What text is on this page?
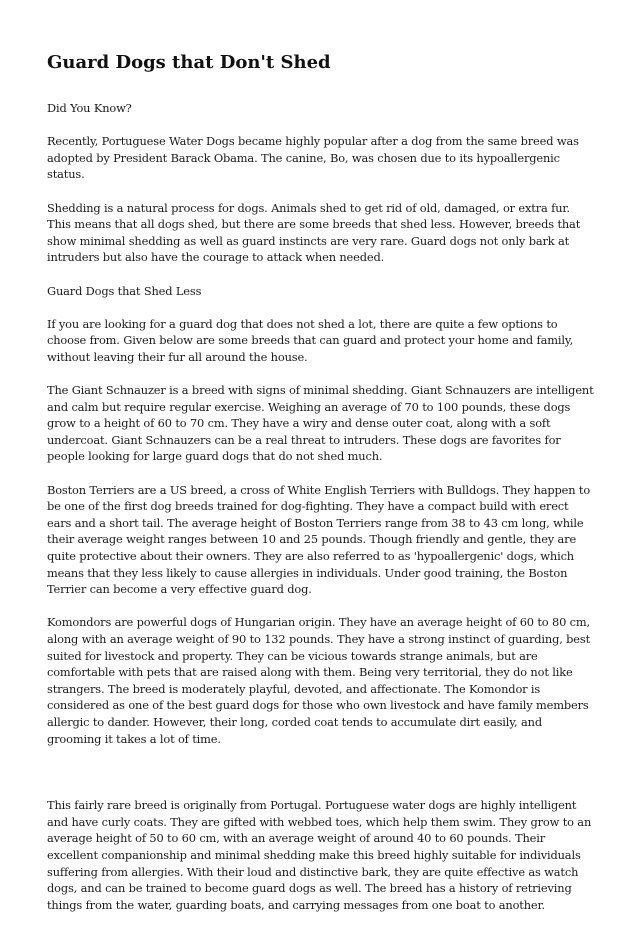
Guard Dogs that Don't Shed

Did You Know?

Recently, Portuguese Water Dogs became highly popular after a dog from the same breed was adopted by President Barack Obama. The canine, Bo, was chosen due to its hypoallergenic status.

Shedding is a natural process for dogs. Animals shed to get rid of old, damaged, or extra fur. This means that all dogs shed, but there are some breeds that shed less. However, breeds that show minimal shedding as well as guard instincts are very rare. Guard dogs not only bark at intruders but also have the courage to attack when needed.

Guard Dogs that Shed Less

If you are looking for a guard dog that does not shed a lot, there are quite a few options to choose from. Given below are some breeds that can guard and protect your home and family, without leaving their fur all around the house.

The Giant Schnauzer is a breed with signs of minimal shedding. Giant Schnauzers are intelligent and calm but require regular exercise. Weighing an average of 70 to 100 pounds, these dogs grow to a height of 60 to 70 cm. They have a wiry and dense outer coat, along with a soft undercoat. Giant Schnauzers can be a real threat to intruders. These dogs are favorites for people looking for large guard dogs that do not shed much.

Boston Terriers are a US breed, a cross of White English Terriers with Bulldogs. They happen to be one of the first dog breeds trained for dog-fighting. They have a compact build with erect ears and a short tail. The average height of Boston Terriers range from 38 to 43 cm long, while their average weight ranges between 10 and 25 pounds. Though friendly and gentle, they are quite protective about their owners. They are also referred to as 'hypoallergenic' dogs, which means that they less likely to cause allergies in individuals. Under good training, the Boston Terrier can become a very effective guard dog.

Komondors are powerful dogs of Hungarian origin. They have an average height of 60 to 80 cm, along with an average weight of 90 to 132 pounds. They have a strong instinct of guarding, best suited for livestock and property. They can be vicious towards strange animals, but are comfortable with pets that are raised along with them. Being very territorial, they do not like strangers. The breed is moderately playful, devoted, and affectionate. The Komondor is considered as one of the best guard dogs for those who own livestock and have family members allergic to dander. However, their long, corded coat tends to accumulate dirt easily, and grooming it takes a lot of time.

This fairly rare breed is originally from Portugal. Portuguese water dogs are highly intelligent and have curly coats. They are gifted with webbed toes, which help them swim. They grow to an average height of 50 to 60 cm, with an average weight of around 40 to 60 pounds. Their excellent companionship and minimal shedding make this breed highly suitable for individuals suffering from allergies. With their loud and distinctive bark, they are quite effective as watch dogs, and can be trained to become guard dogs as well. The breed has a history of retrieving things from the water, guarding boats, and carrying messages from one boat to another.
